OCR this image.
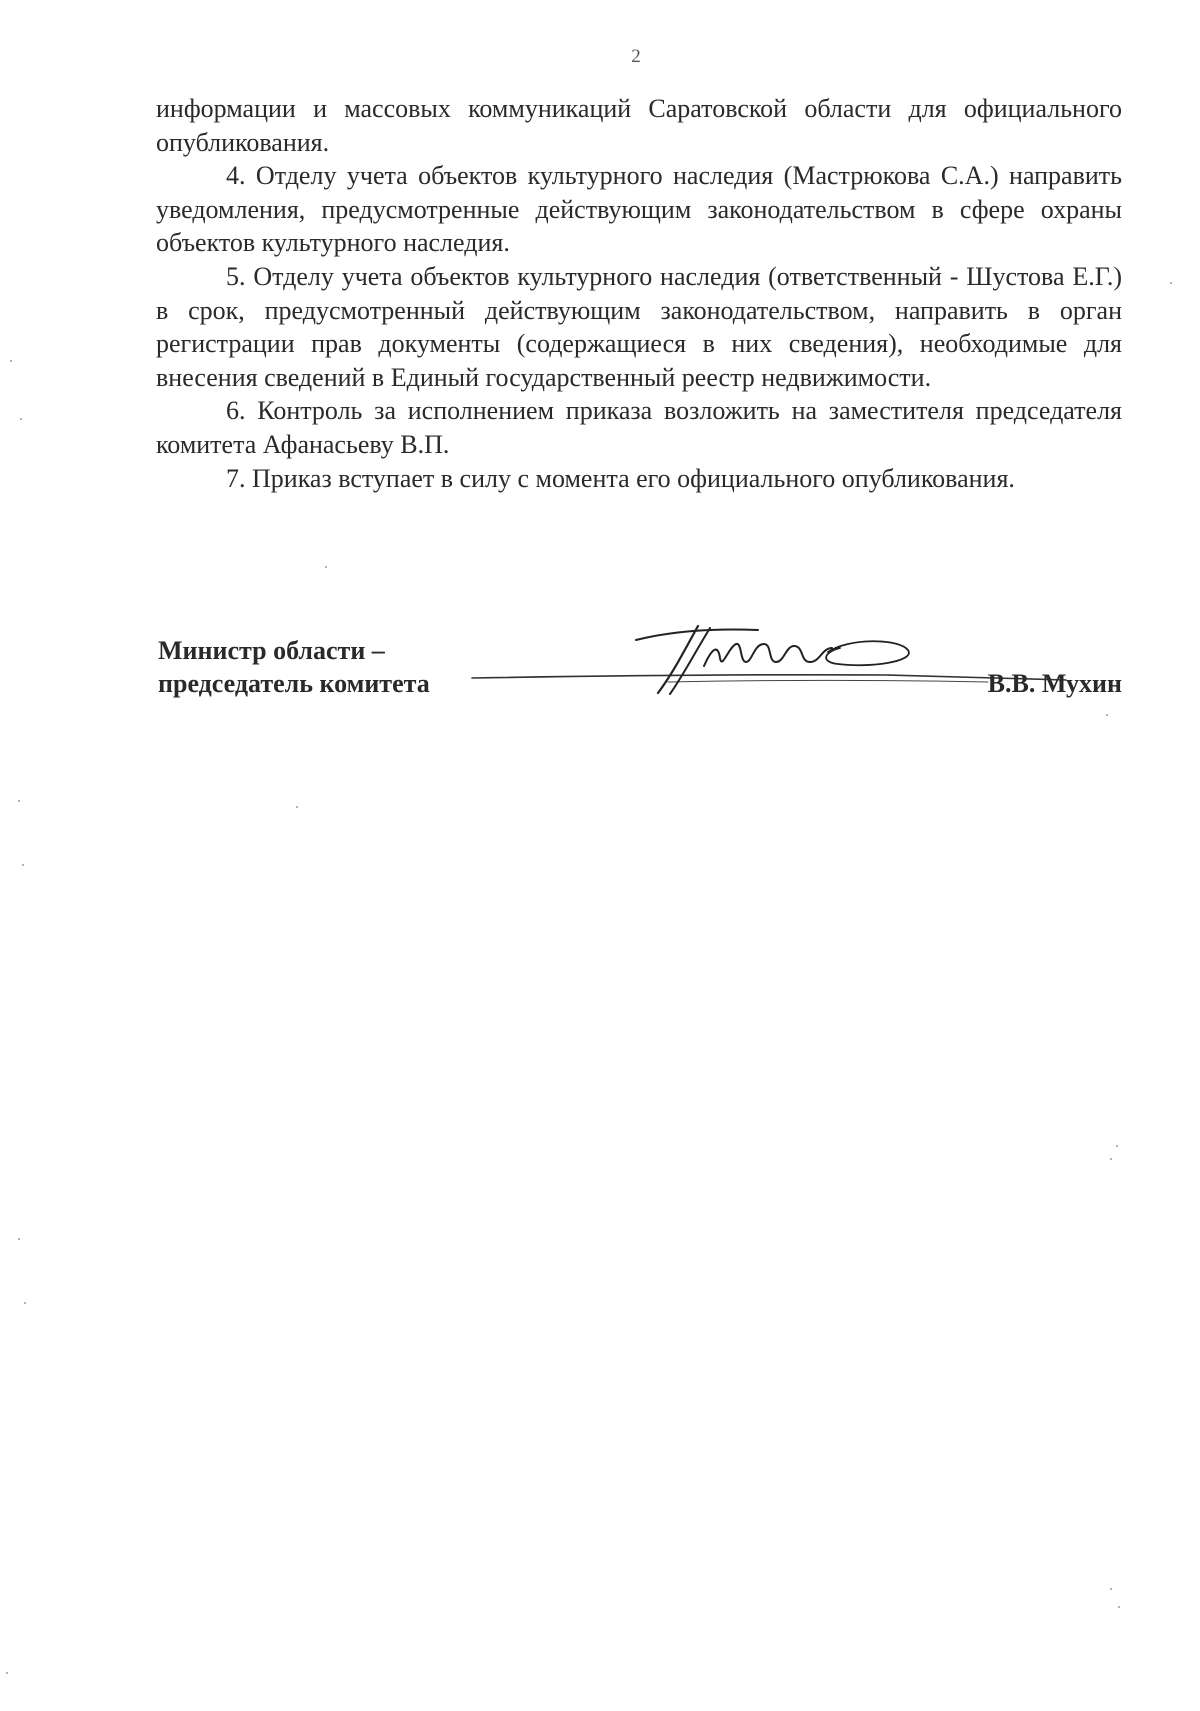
2

информации и массовых коммуникаций Саратовской области для официального опубликования.

4. Отделу учета объектов культурного наследия (Мастрюкова С.А.) направить уведомления, предусмотренные действующим законодательством в сфере охраны объектов культурного наследия.

5. Отделу учета объектов культурного наследия (ответственный - Шустова Е.Г.) в срок, предусмотренный действующим законодательством, направить в орган регистрации прав документы (содержащиеся в них сведения), необходимые для внесения сведений в Единый государственный реестр недвижимости.

6. Контроль за исполнением приказа возложить на заместителя председателя комитета Афанасьеву В.П.

7. Приказ вступает в силу с момента его официального опубликования.

Министр области –
председатель комитета	В.В. Мухин
